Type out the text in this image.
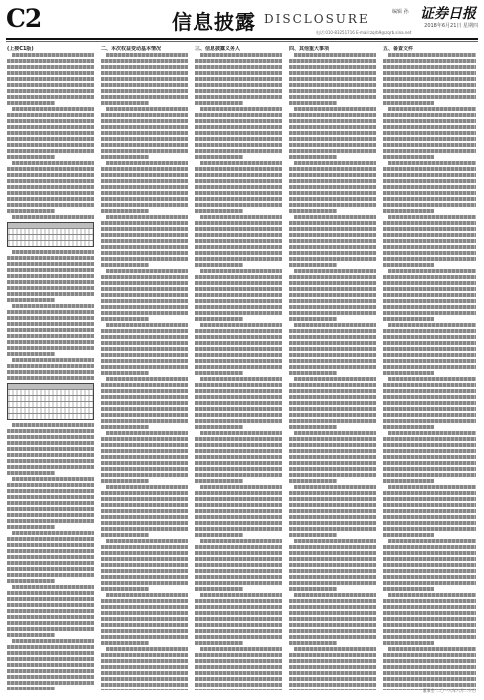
C2	信息披露 DISCLOSURE	编辑 孙 证券日报
2018年6月21日 星期四
电话:010-83251716 E-mail:zqrb9@zqrb.sina.net
(上接C1版)	二、本次权益变动基本情况	三、信息披露义务人	四、其他重大事项	五、备查文件
董事会 二〇一八年六月二十日
